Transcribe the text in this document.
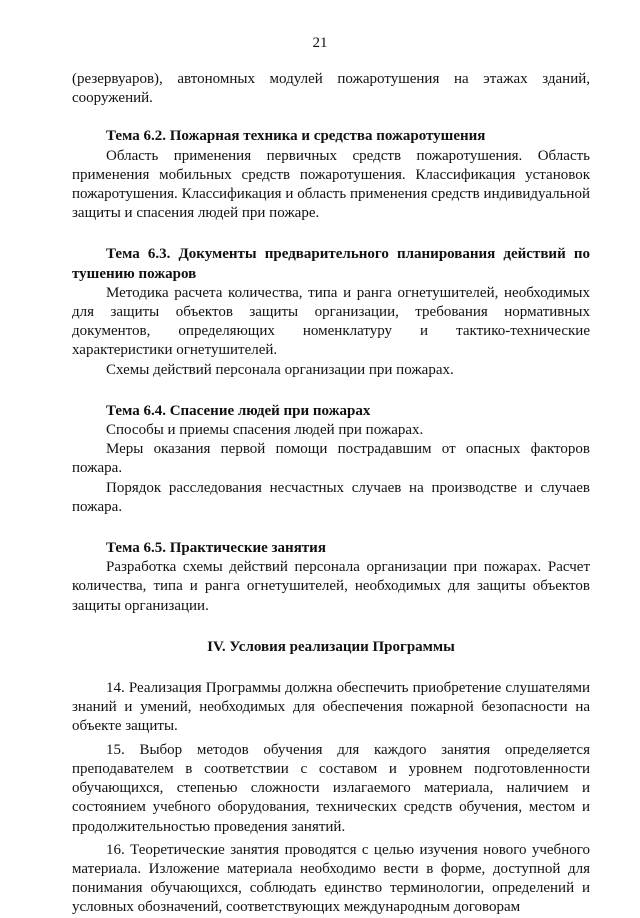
21

(резервуаров), автономных модулей пожаротушения на этажах зданий, сооружений.

Тема 6.2. Пожарная техника и средства пожаротушения

Область применения первичных средств пожаротушения. Область применения мобильных средств пожаротушения. Классификация установок пожаротушения. Классификация и область применения средств индивидуальной защиты и спасения людей при пожаре.

Тема 6.3. Документы предварительного планирования действий по тушению пожаров

Методика расчета количества, типа и ранга огнетушителей, необходимых для защиты объектов защиты организации, требования нормативных документов, определяющих номенклатуру и тактико-технические характеристики огнетушителей.

Схемы действий персонала организации при пожарах.

Тема 6.4. Спасение людей при пожарах

Способы и приемы спасения людей при пожарах.

Меры оказания первой помощи пострадавшим от опасных факторов пожара.

Порядок расследования несчастных случаев на производстве и случаев пожара.

Тема 6.5. Практические занятия

Разработка схемы действий персонала организации при пожарах. Расчет количества, типа и ранга огнетушителей, необходимых для защиты объектов защиты организации.

IV. Условия реализации Программы

14. Реализация Программы должна обеспечить приобретение слушателями знаний и умений, необходимых для обеспечения пожарной безопасности на объекте защиты.

15. Выбор методов обучения для каждого занятия определяется преподавателем в соответствии с составом и уровнем подготовленности обучающихся, степенью сложности излагаемого материала, наличием и состоянием учебного оборудования, технических средств обучения, местом и продолжительностью проведения занятий.

16. Теоретические занятия проводятся с целью изучения нового учебного материала. Изложение материала необходимо вести в форме, доступной для понимания обучающихся, соблюдать единство терминологии, определений и условных обозначений, соответствующих международным договорам
